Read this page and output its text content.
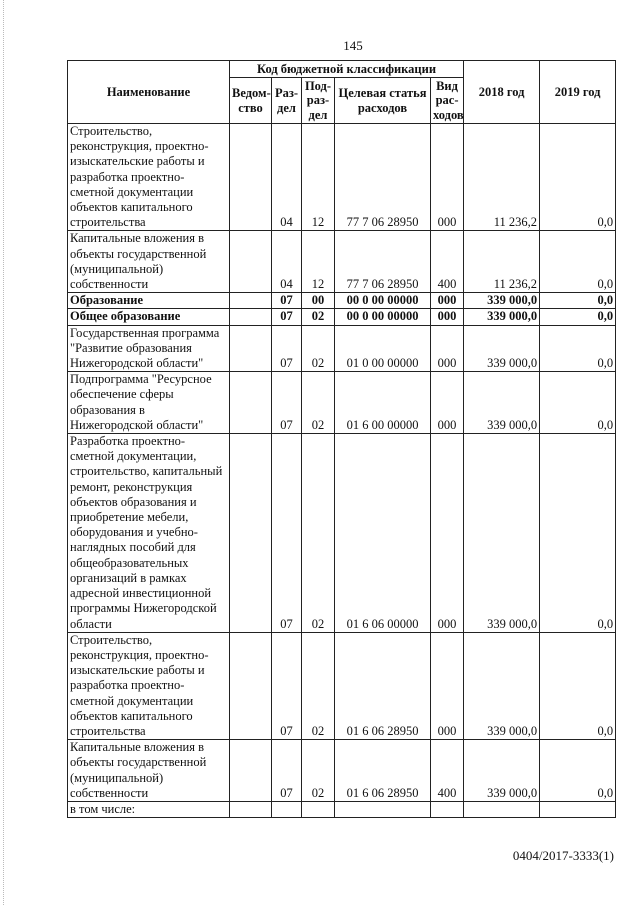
145
Наименование	Код бюджетной классификации					2018 год	2019 год
	Ведом-ство	Раз-дел	Под-раз-дел	Целевая статья расходов	Вид рас-ходов		
Строительство, реконструкция, проектно-изыскательские работы и разработка проектно-сметной документации объектов капитального строительства		04	12	77 7 06 28950	000	11 236,2	0,0
Капитальные вложения в объекты государственной (муниципальной) собственности		04	12	77 7 06 28950	400	11 236,2	0,0
Образование		07	00	00 0 00 00000	000	339 000,0	0,0
Общее образование		07	02	00 0 00 00000	000	339 000,0	0,0
Государственная программа "Развитие образования Нижегородской области"		07	02	01 0 00 00000	000	339 000,0	0,0
Подпрограмма "Ресурсное обеспечение сферы образования в Нижегородской области"		07	02	01 6 00 00000	000	339 000,0	0,0
Разработка проектно-сметной документации, строительство, капитальный ремонт, реконструкция объектов образования и приобретение мебели, оборудования и учебно-наглядных пособий для общеобразовательных организаций в рамках адресной инвестиционной программы Нижегородской области		07	02	01 6 06 00000	000	339 000,0	0,0
Строительство, реконструкция, проектно-изыскательские работы и разработка проектно-сметной документации объектов капитального строительства		07	02	01 6 06 28950	000	339 000,0	0,0
Капитальные вложения в объекты государственной (муниципальной) собственности		07	02	01 6 06 28950	400	339 000,0	0,0
в том числе:							
0404/2017-3333(1)
